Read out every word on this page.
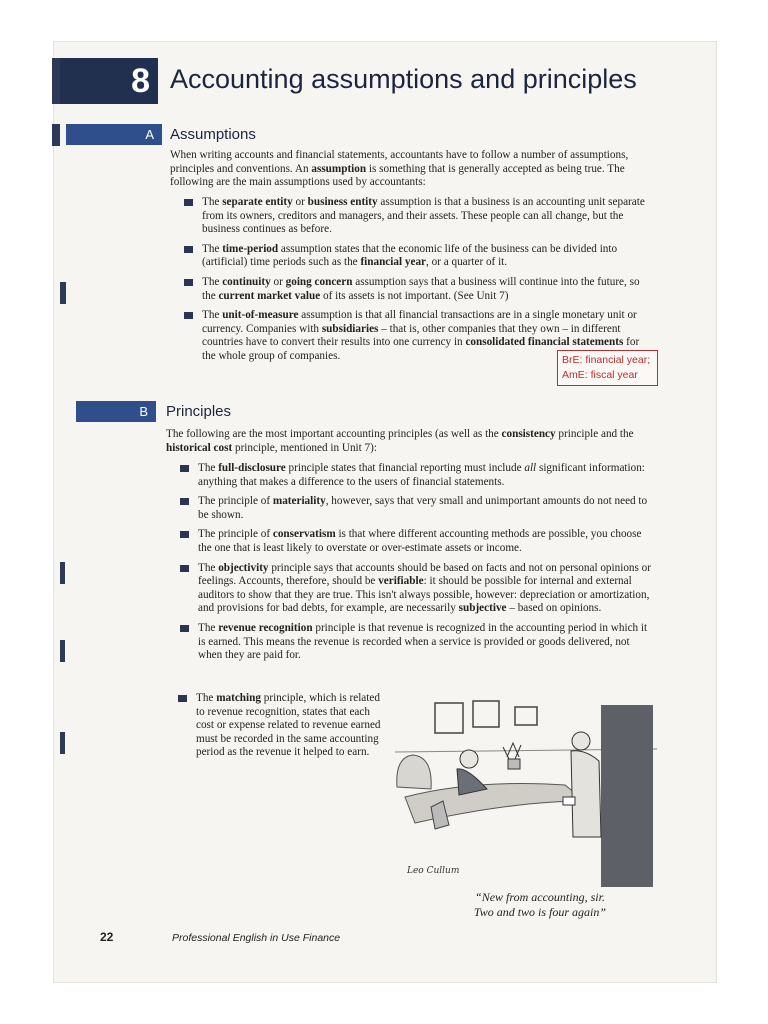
8 Accounting assumptions and principles
A	Assumptions

When writing accounts and financial statements, accountants have to follow a number of assumptions, principles and conventions. An assumption is something that is generally accepted as being true. The following are the main assumptions used by accountants:

The separate entity or business entity assumption is that a business is an accounting unit separate from its owners, creditors and managers, and their assets. These people can all change, but the business continues as before.
The time-period assumption states that the economic life of the business can be divided into (artificial) time periods such as the financial year, or a quarter of it.
The continuity or going concern assumption says that a business will continue into the future, so the current market value of its assets is not important. (See Unit 7)
The unit-of-measure assumption is that all financial transactions are in a single monetary unit or currency. Companies with subsidiaries – that is, other companies that they own – in different countries have to convert their results into one currency in consolidated financial statements for the whole group of companies.	BrE: financial year;
AmE: fiscal year
B	Principles

The following are the most important accounting principles (as well as the consistency principle and the historical cost principle, mentioned in Unit 7):

The full-disclosure principle states that financial reporting must include all significant information: anything that makes a difference to the users of financial statements.
The principle of materiality, however, says that very small and unimportant amounts do not need to be shown.
The principle of conservatism is that where different accounting methods are possible, you choose the one that is least likely to overstate or over-estimate assets or income.
The objectivity principle says that accounts should be based on facts and not on personal opinions or feelings. Accounts, therefore, should be verifiable: it should be possible for internal and external auditors to show that they are true. This isn't always possible, however: depreciation or amortization, and provisions for bad debts, for example, are necessarily subjective – based on opinions.
The revenue recognition principle is that revenue is recognized in the accounting period in which it is earned. This means the revenue is recorded when a service is provided or goods delivered, not when they are paid for.
The matching principle, which is related to revenue recognition, states that each cost or expense related to revenue earned must be recorded in the same accounting period as the revenue it helped to earn.
Leo Cullum
“New from accounting, sir.
Two and two is four again”
22	Professional English in Use Finance
